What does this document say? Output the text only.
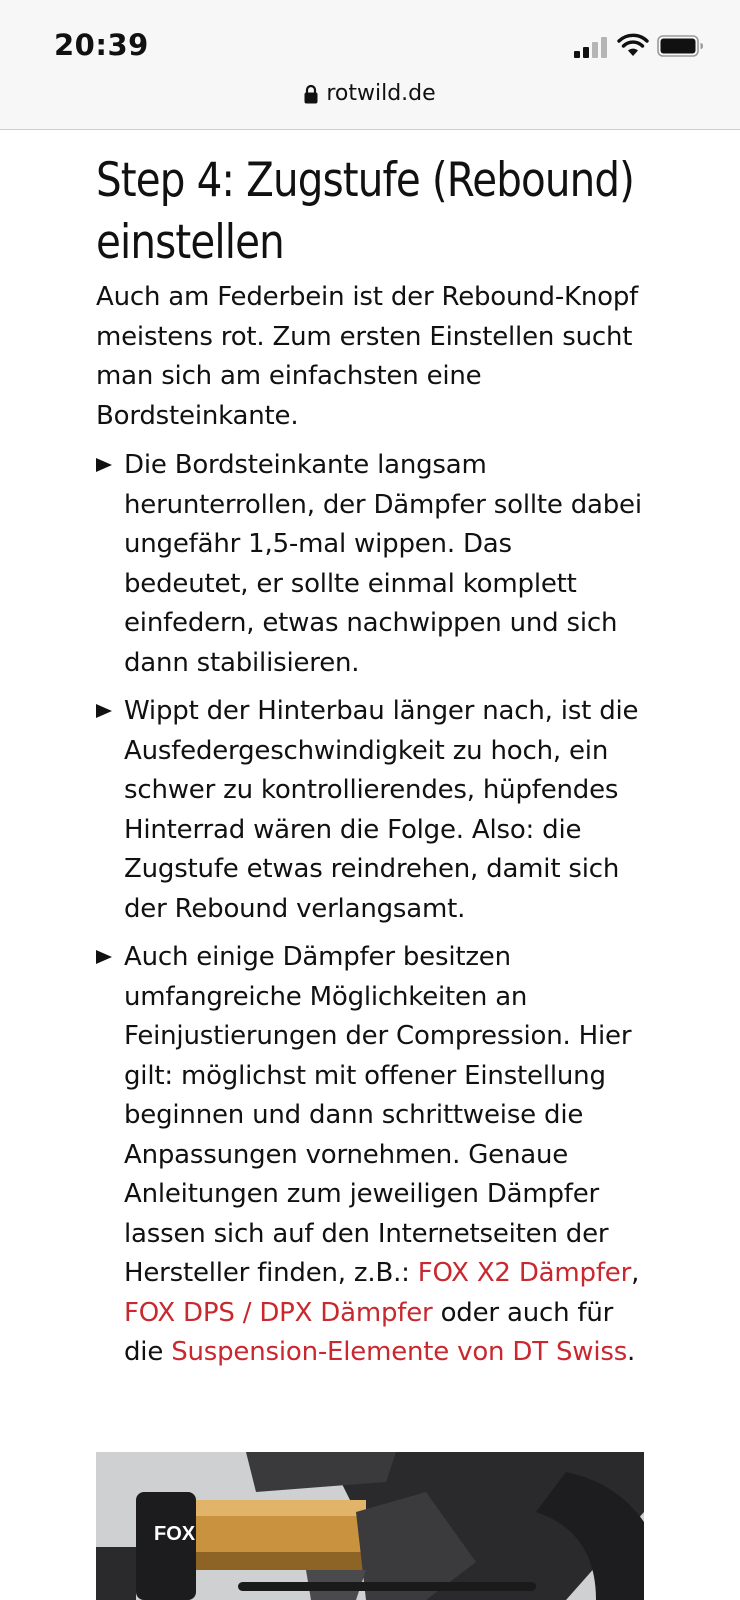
20:39
rotwild.de
Step 4: Zugstufe (Rebound) einstellen

Auch am Federbein ist der Rebound-Knopf meistens rot. Zum ersten Einstellen sucht man sich am einfachsten eine Bordsteinkante.

Die Bordsteinkante langsam herunterrollen, der Dämpfer sollte dabei ungefähr 1,5-mal wippen. Das bedeutet, er sollte einmal komplett einfedern, etwas nachwippen und sich dann stabilisieren.
Wippt der Hinterbau länger nach, ist die Ausfedergeschwindigkeit zu hoch, ein schwer zu kontrollierendes, hüpfendes Hinterrad wären die Folge. Also: die Zugstufe etwas reindrehen, damit sich der Rebound verlangsamt.
Auch einige Dämpfer besitzen umfangreiche Möglichkeiten an Feinjustierungen der Compression. Hier gilt: möglichst mit offener Einstellung beginnen und dann schrittweise die Anpassungen vornehmen. Genaue Anleitungen zum jeweiligen Dämpfer lassen sich auf den Internetseiten der Hersteller finden, z.B.: FOX X2 Dämpfer, FOX DPS / DPX Dämpfer oder auch für die Suspension-Elemente von DT Swiss.
FOX
